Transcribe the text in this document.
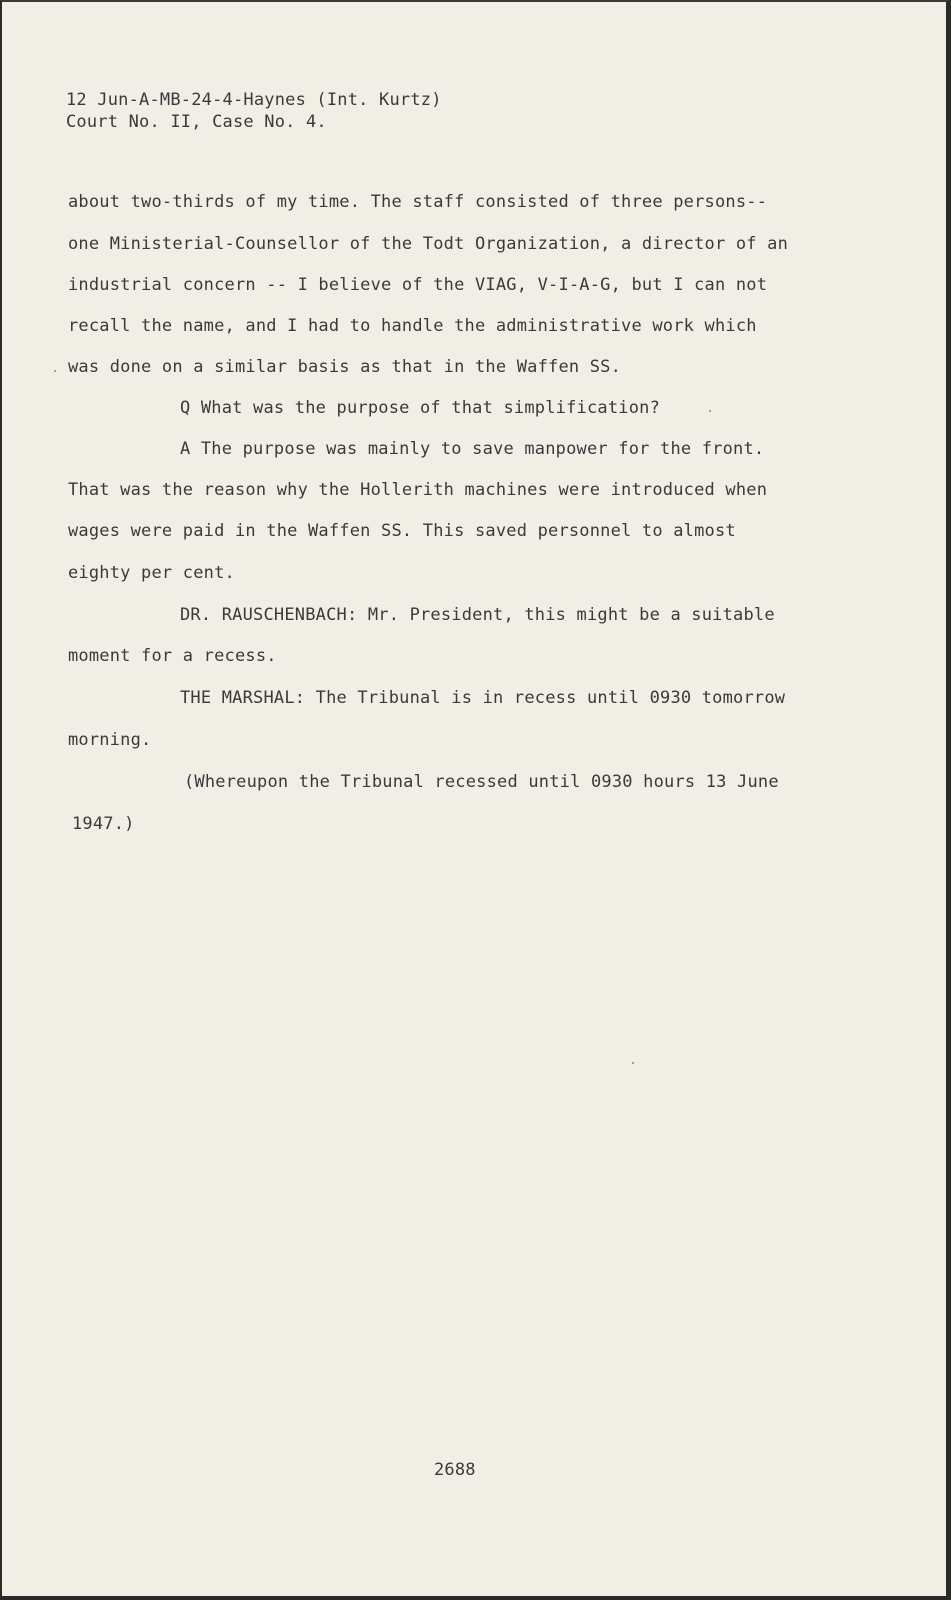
12 Jun-A-MB-24-4-Haynes (Int. Kurtz)

Court No. II, Case No. 4.

about two-thirds of my time. The staff consisted of three persons--

one Ministerial-Counsellor of the Todt Organization, a director of an

industrial concern -- I believe of the VIAG, V-I-A-G, but I can not

recall the name, and I had to handle the administrative work which

was done on a similar basis as that in the Waffen SS.

Q What was the purpose of that simplification?

A The purpose was mainly to save manpower for the front.

That was the reason why the Hollerith machines were introduced when

wages were paid in the Waffen SS. This saved personnel to almost

eighty per cent.

DR. RAUSCHENBACH: Mr. President, this might be a suitable

moment for a recess.

THE MARSHAL: The Tribunal is in recess until 0930 tomorrow

morning.

(Whereupon the Tribunal recessed until 0930 hours 13 June

1947.)

2688
